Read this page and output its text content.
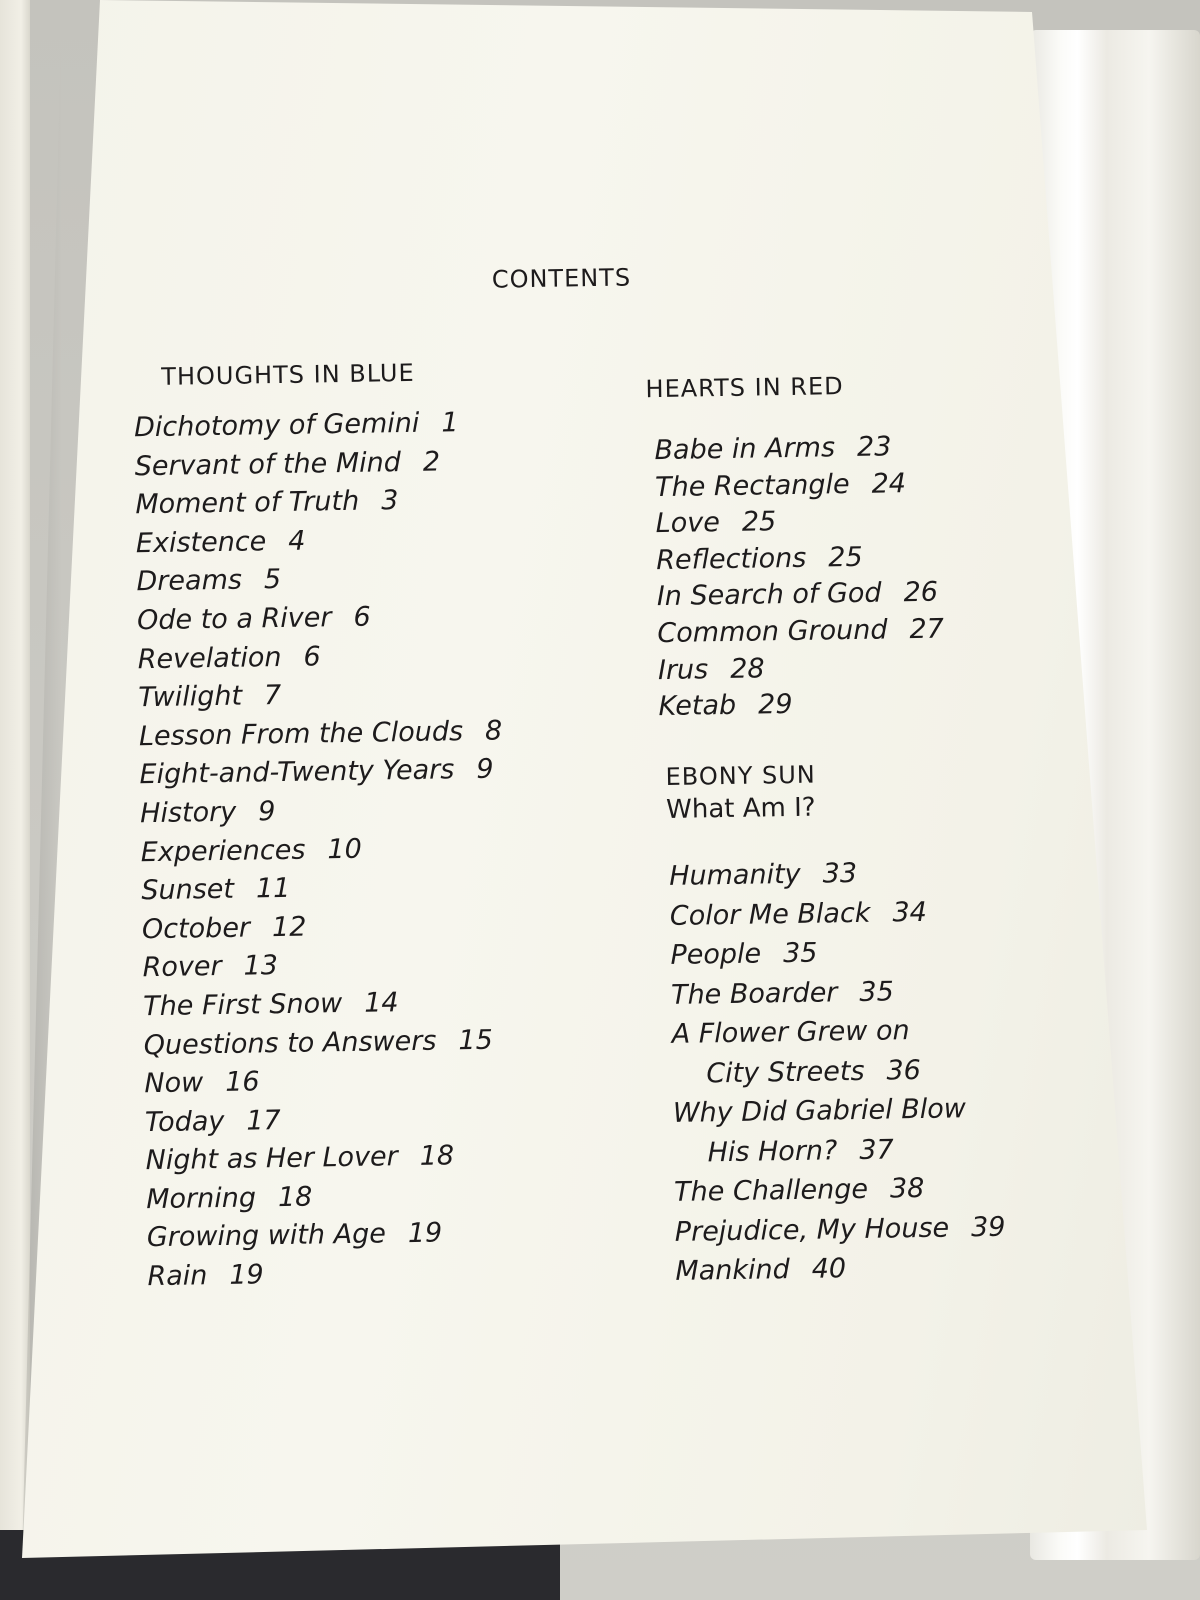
CONTENTS
THOUGHTS IN BLUE
Dichotomy of Gemini 1
Servant of the Mind 2
Moment of Truth 3
Existence 4
Dreams 5
Ode to a River 6
Revelation 6
Twilight 7
Lesson From the Clouds 8
Eight-and-Twenty Years 9
History 9
Experiences 10
Sunset 11
October 12
Rover 13
The First Snow 14
Questions to Answers 15
Now 16
Today 17
Night as Her Lover 18
Morning 18
Growing with Age 19
Rain 19
HEARTS IN RED
Babe in Arms 23
The Rectangle 24
Love 25
Reflections 25
In Search of God 26
Common Ground 27
Irus 28
Ketab 29
EBONY SUN
What Am I?
Humanity 33
Color Me Black 34
People 35
The Boarder 35
A Flower Grew on
City Streets 36
Why Did Gabriel Blow
His Horn? 37
The Challenge 38
Prejudice, My House 39
Mankind 40
